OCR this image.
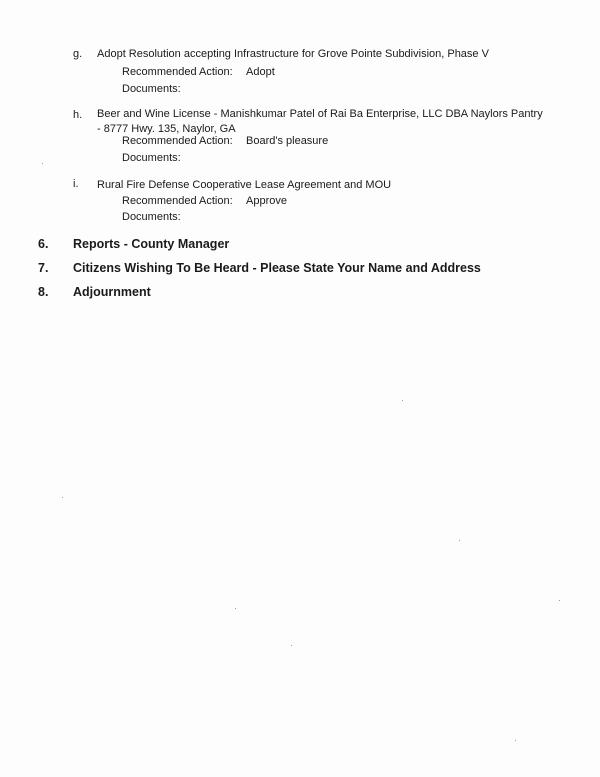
g. Adopt Resolution accepting Infrastructure for Grove Pointe Subdivision, Phase V
Recommended Action: Adopt
Documents:
h. Beer and Wine License - Manishkumar Patel of Rai Ba Enterprise, LLC DBA Naylors Pantry - 8777 Hwy. 135, Naylor, GA
Recommended Action: Board's pleasure
Documents:
i. Rural Fire Defense Cooperative Lease Agreement and MOU
Recommended Action: Approve
Documents:
6. Reports - County Manager
7. Citizens Wishing To Be Heard - Please State Your Name and Address
8. Adjournment
